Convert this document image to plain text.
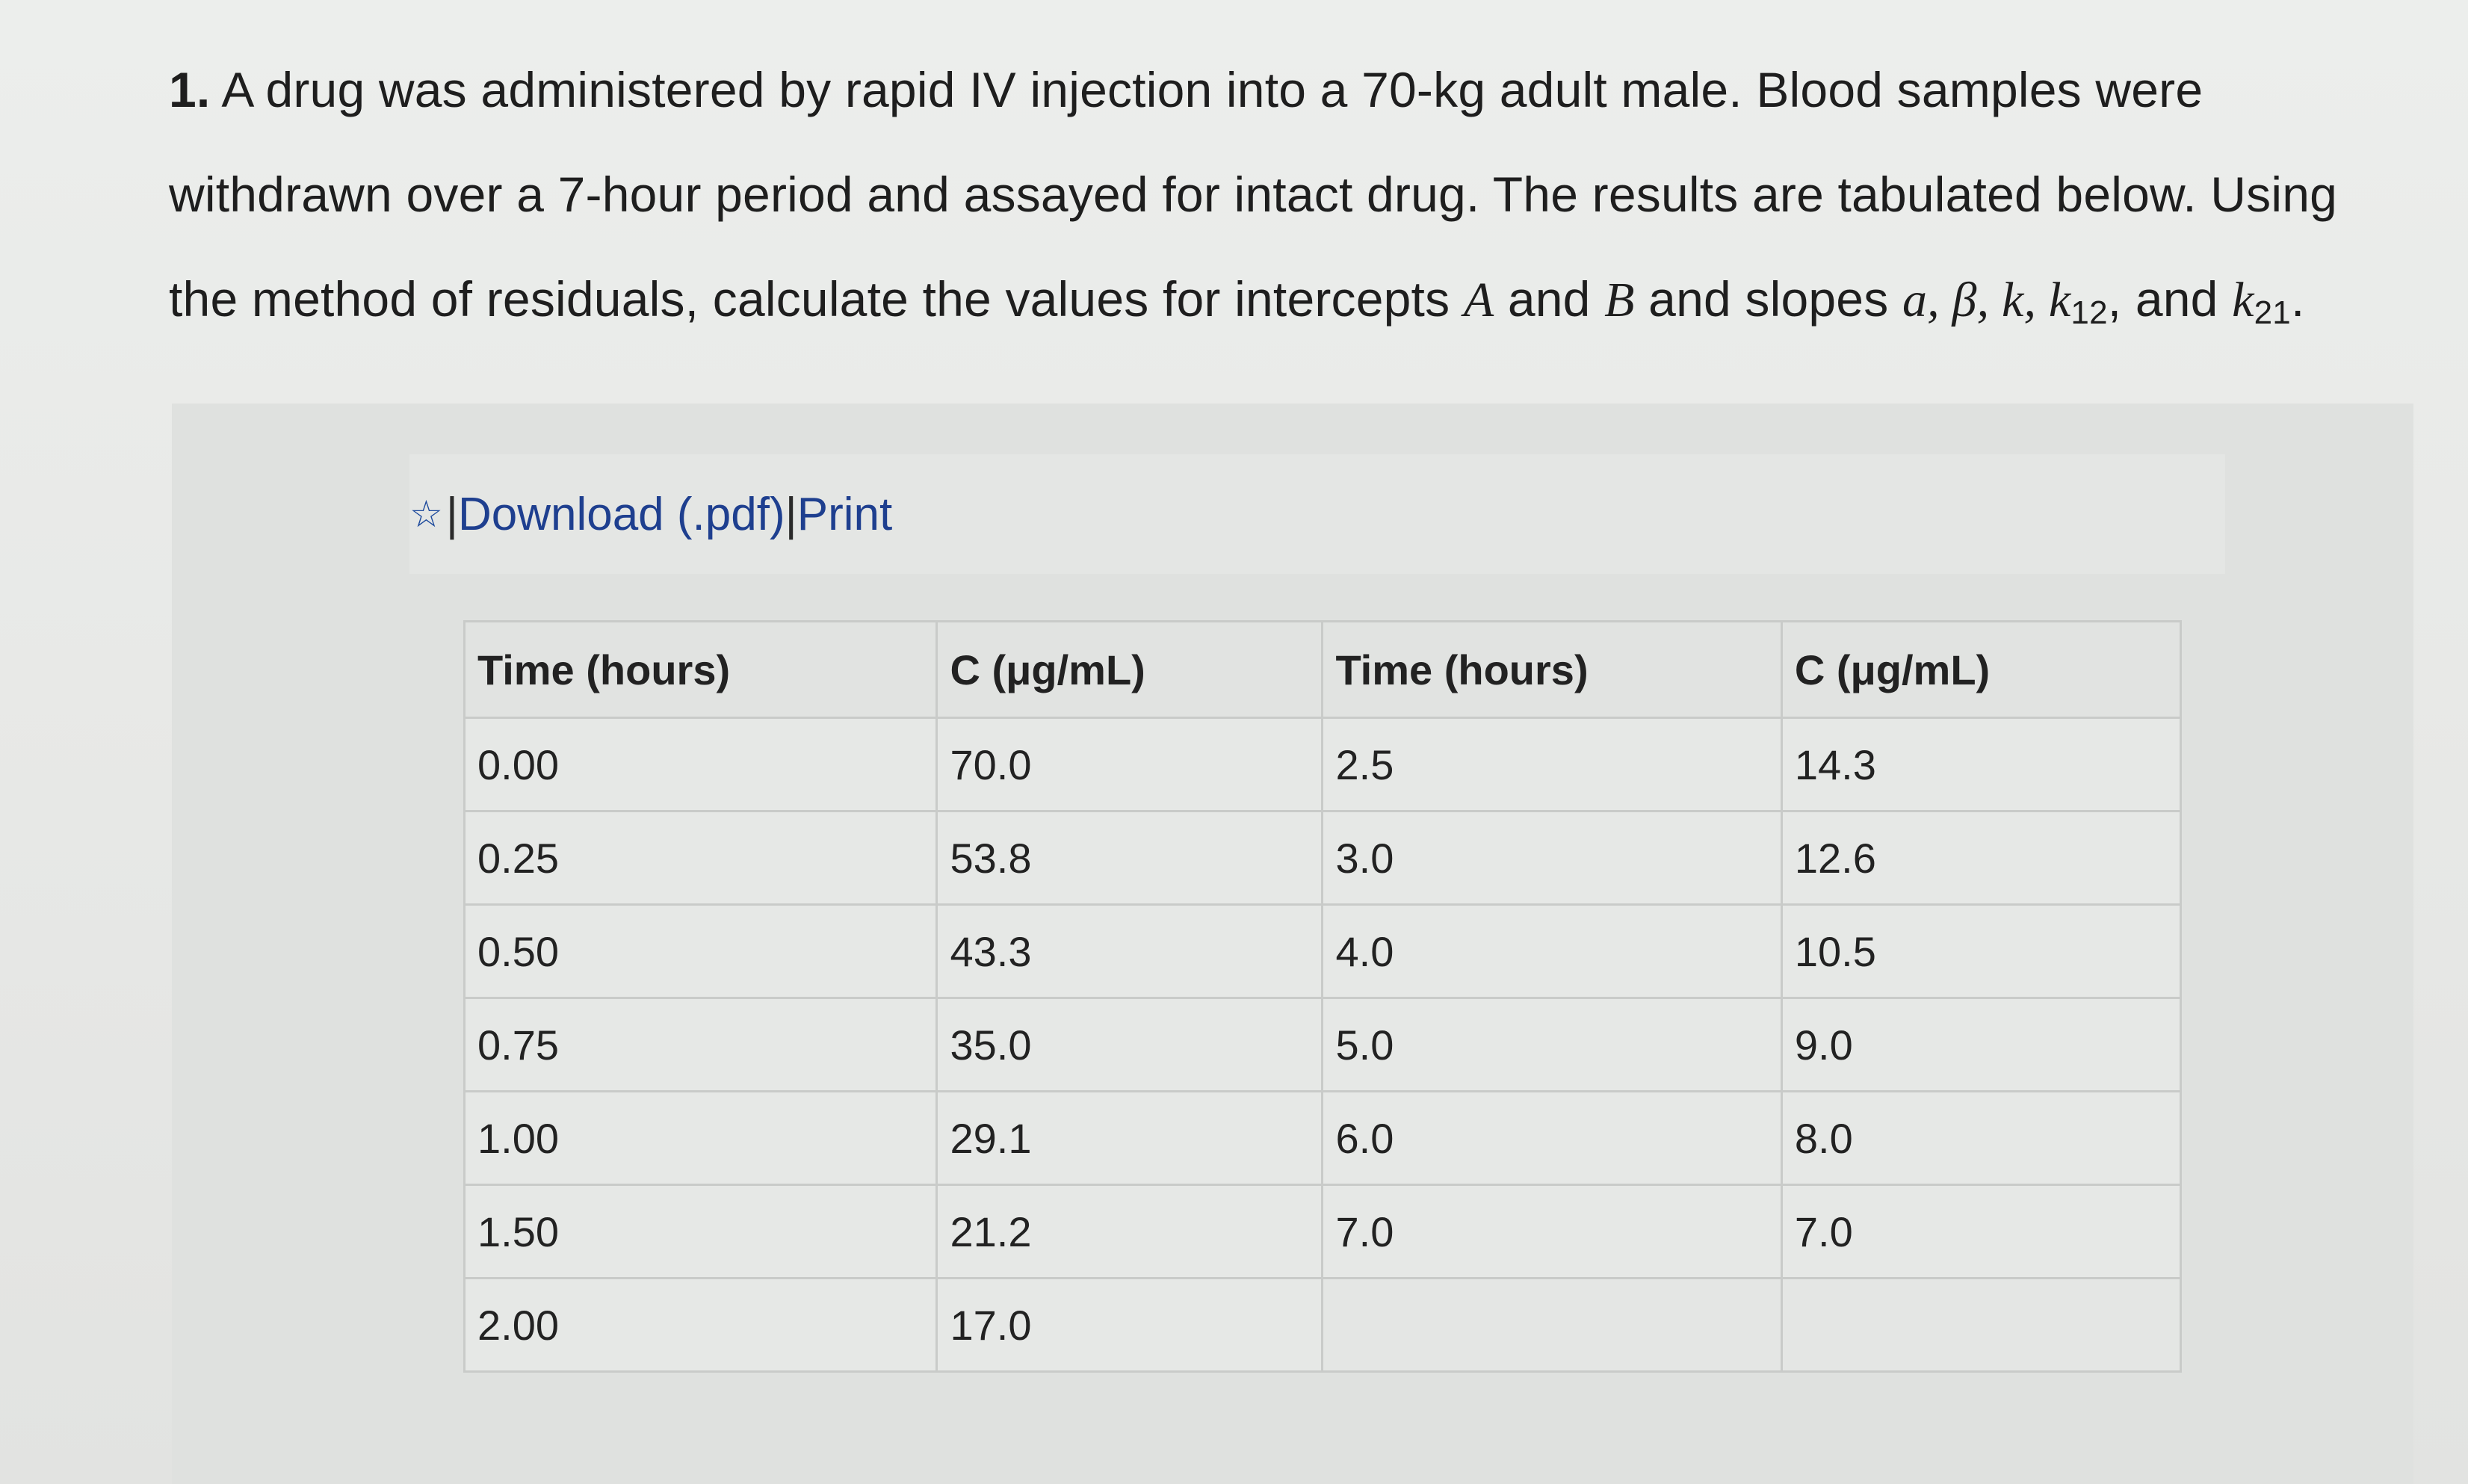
1. A drug was administered by rapid IV injection into a 70-kg adult male. Blood samples were withdrawn over a 7-hour period and assayed for intact drug. The results are tabulated below. Using the method of residuals, calculate the values for intercepts A and B and slopes a, β, k, $k_{12}$, and $k_{21}$.
☆ | Download (.pdf) | Print
Time (hours)	C (μg/mL)	Time (hours)	C (μg/mL)
0.00	70.0	2.5	14.3
0.25	53.8	3.0	12.6
0.50	43.3	4.0	10.5
0.75	35.0	5.0	9.0
1.00	29.1	6.0	8.0
1.50	21.2	7.0	7.0
2.00	17.0		
